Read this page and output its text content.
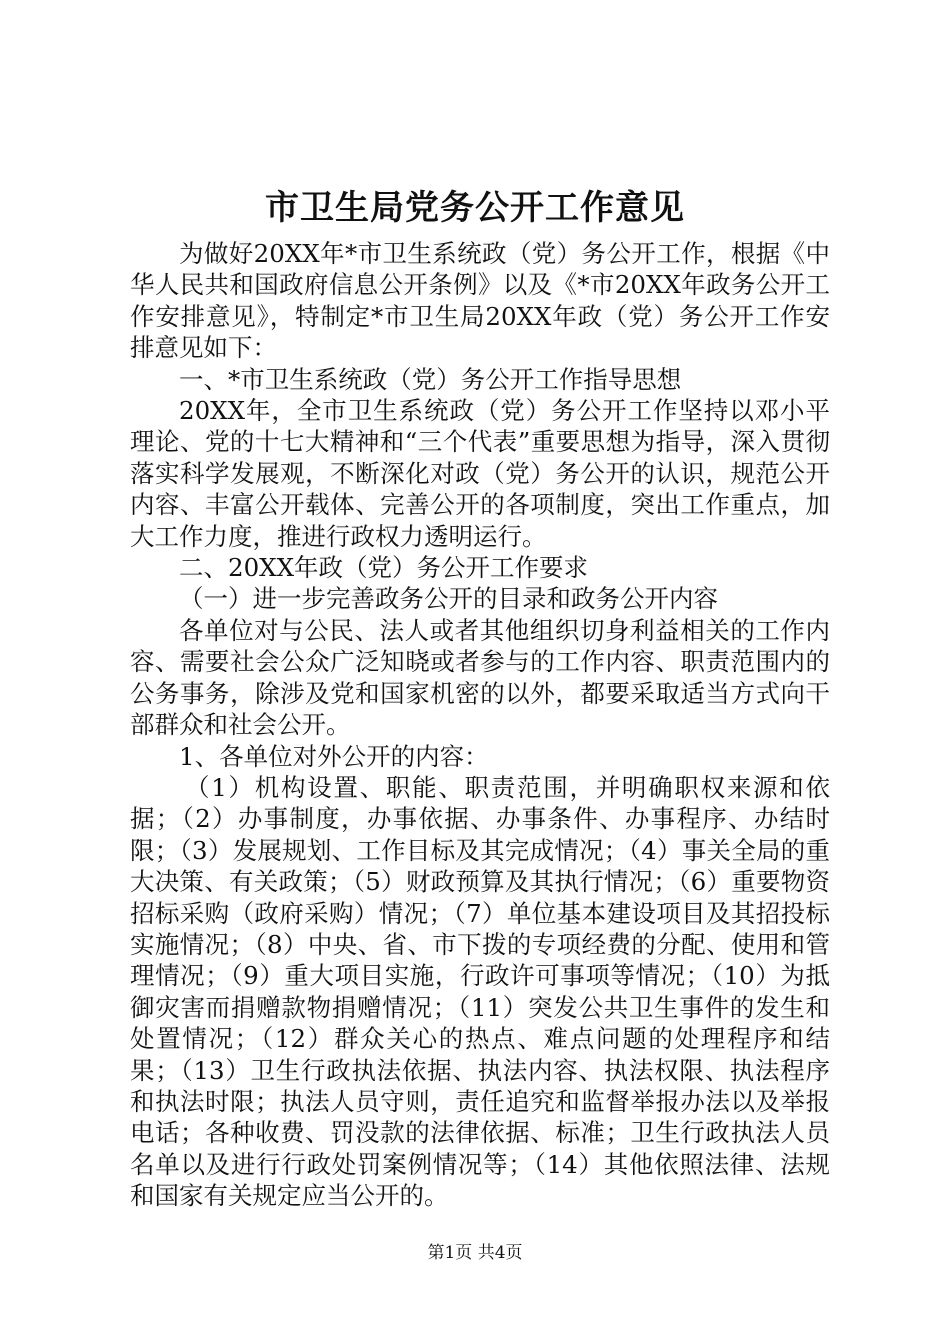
市卫生局党务公开工作意见

为做好20XX年*市卫生系统政（党）务公开工作，根据《中华人民共和国政府信息公开条例》以及《*市20XX年政务公开工作安排意见》，特制定*市卫生局20XX年政（党）务公开工作安排意见如下：

一、*市卫生系统政（党）务公开工作指导思想

20XX年，全市卫生系统政（党）务公开工作坚持以邓小平理论、党的十七大精神和“三个代表”重要思想为指导，深入贯彻落实科学发展观，不断深化对政（党）务公开的认识，规范公开内容、丰富公开载体、完善公开的各项制度，突出工作重点，加大工作力度，推进行政权力透明运行。

二、20XX年政（党）务公开工作要求

（一）进一步完善政务公开的目录和政务公开内容

各单位对与公民、法人或者其他组织切身利益相关的工作内容、需要社会公众广泛知晓或者参与的工作内容、职责范围内的公务事务，除涉及党和国家机密的以外，都要采取适当方式向干部群众和社会公开。

1、各单位对外公开的内容：

（1）机构设置、职能、职责范围，并明确职权来源和依据；（2）办事制度，办事依据、办事条件、办事程序、办结时限；（3）发展规划、工作目标及其完成情况；（4）事关全局的重大决策、有关政策；（5）财政预算及其执行情况；（6）重要物资招标采购（政府采购）情况；（7）单位基本建设项目及其招投标实施情况；（8）中央、省、市下拨的专项经费的分配、使用和管理情况；（9）重大项目实施，行政许可事项等情况；（10）为抵御灾害而捐赠款物捐赠情况；（11）突发公共卫生事件的发生和处置情况；（12）群众关心的热点、难点问题的处理程序和结果；（13）卫生行政执法依据、执法内容、执法权限、执法程序和执法时限；执法人员守则，责任追究和监督举报办法以及举报电话；各种收费、罚没款的法律依据、标准；卫生行政执法人员名单以及进行行政处罚案例情况等；（14）其他依照法律、法规和国家有关规定应当公开的。

第1页 共4页
